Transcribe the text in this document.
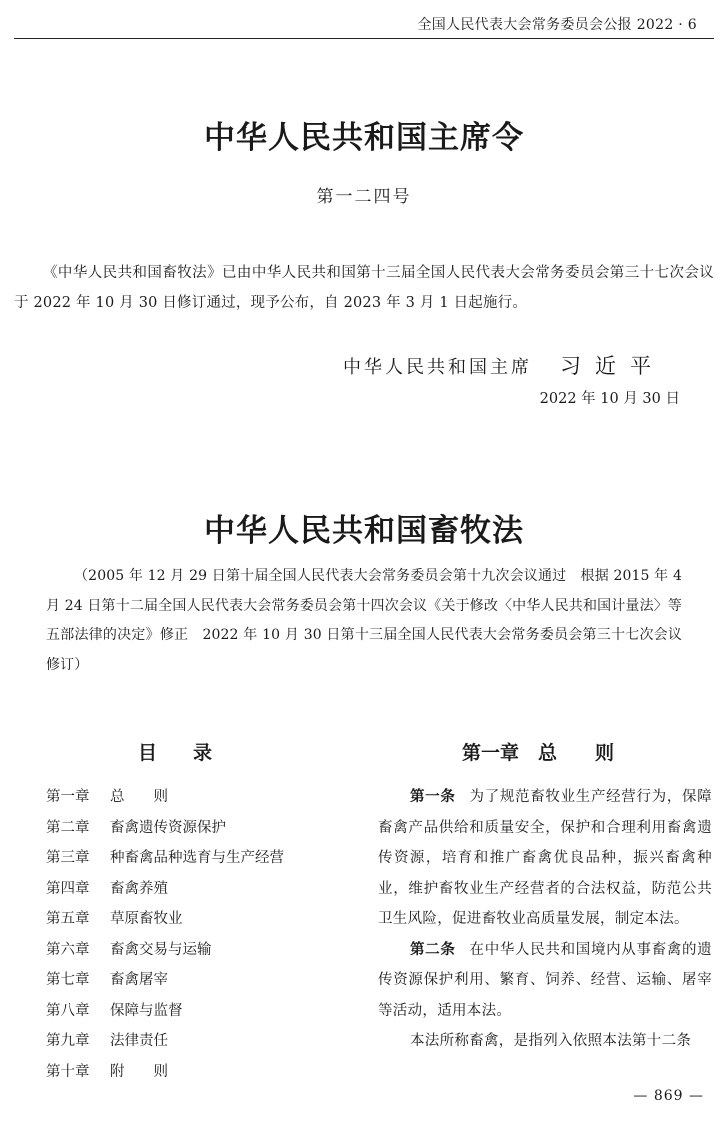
全国人民代表大会常务委员会公报 2022 · 6
中华人民共和国主席令
第一二四号
《中华人民共和国畜牧法》已由中华人民共和国第十三届全国人民代表大会常务委员会第三十七次会议于 2022 年 10 月 30 日修订通过，现予公布，自 2023 年 3 月 1 日起施行。
中华人民共和国主席 习近平
2022 年 10 月 30 日
中华人民共和国畜牧法
（2005 年 12 月 29 日第十届全国人民代表大会常务委员会第十九次会议通过　根据 2015 年 4 月 24 日第十二届全国人民代表大会常务委员会第十四次会议《关于修改〈中华人民共和国计量法〉等五部法律的决定》修正　2022 年 10 月 30 日第十三届全国人民代表大会常务委员会第三十七次会议修订）
目录
第一章 总　　则
第二章 畜禽遗传资源保护
第三章 种畜禽品种选育与生产经营
第四章 畜禽养殖
第五章 草原畜牧业
第六章 畜禽交易与运输
第七章 畜禽屠宰
第八章 保障与监督
第九章 法律责任
第十章 附　　则
第一章　总　　则

第一条 为了规范畜牧业生产经营行为，保障畜禽产品供给和质量安全，保护和合理利用畜禽遗传资源，培育和推广畜禽优良品种，振兴畜禽种业，维护畜牧业生产经营者的合法权益，防范公共卫生风险，促进畜牧业高质量发展，制定本法。

第二条 在中华人民共和国境内从事畜禽的遗传资源保护利用、繁育、饲养、经营、运输、屠宰等活动，适用本法。

本法所称畜禽，是指列入依照本法第十二条

— 869 —
